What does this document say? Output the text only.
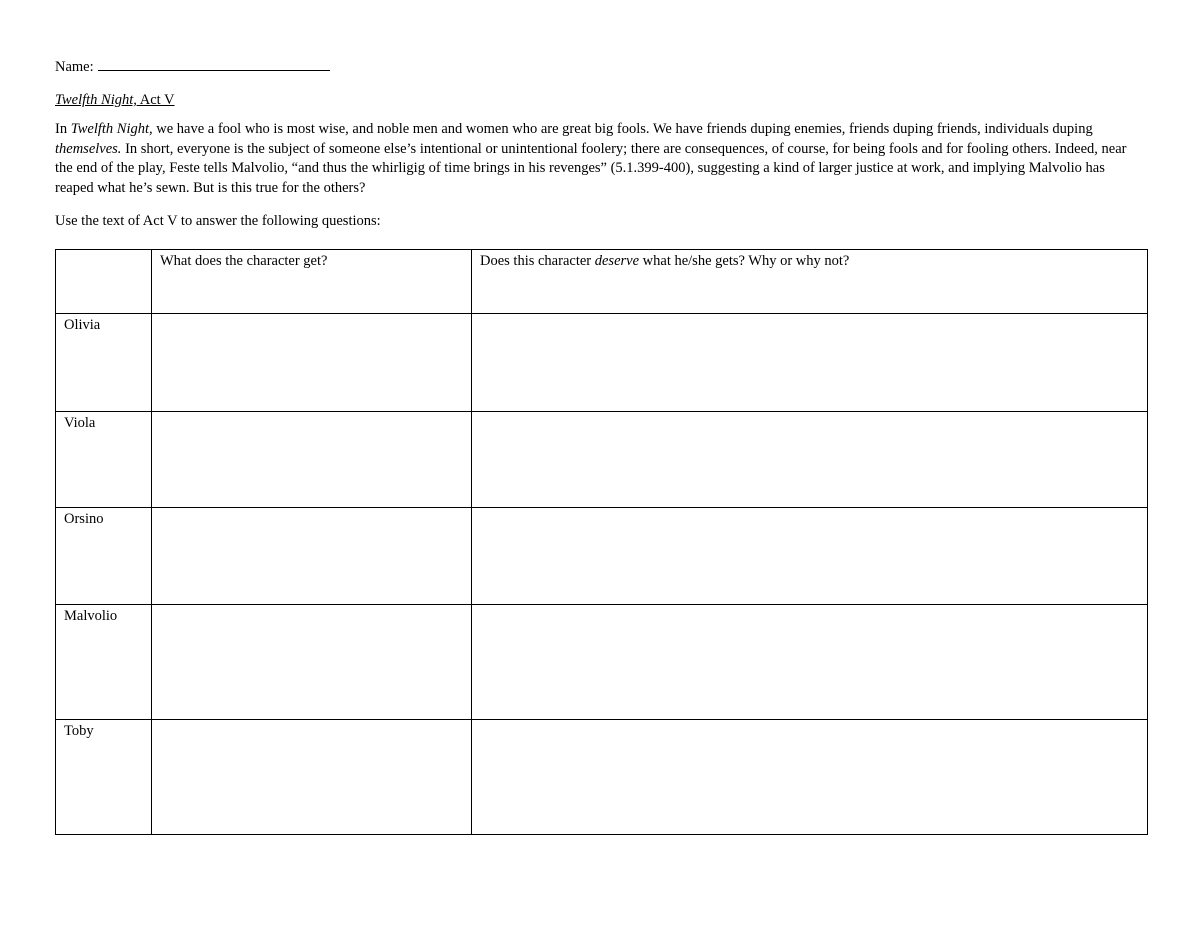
Name:
Twelfth Night, Act V
In Twelfth Night, we have a fool who is most wise, and noble men and women who are great big fools. We have friends duping enemies, friends duping friends, individuals duping themselves. In short, everyone is the subject of someone else’s intentional or unintentional foolery; there are consequences, of course, for being fools and for fooling others. Indeed, near the end of the play, Feste tells Malvolio, “and thus the whirligig of time brings in his revenges” (5.1.399-400), suggesting a kind of larger justice at work, and implying Malvolio has reaped what he’s sewn. But is this true for the others?
Use the text of Act V to answer the following questions:
	What does the character get?	Does this character deserve what he/she gets? Why or why not?
Olivia		
Viola		
Orsino		
Malvolio		
Toby		
